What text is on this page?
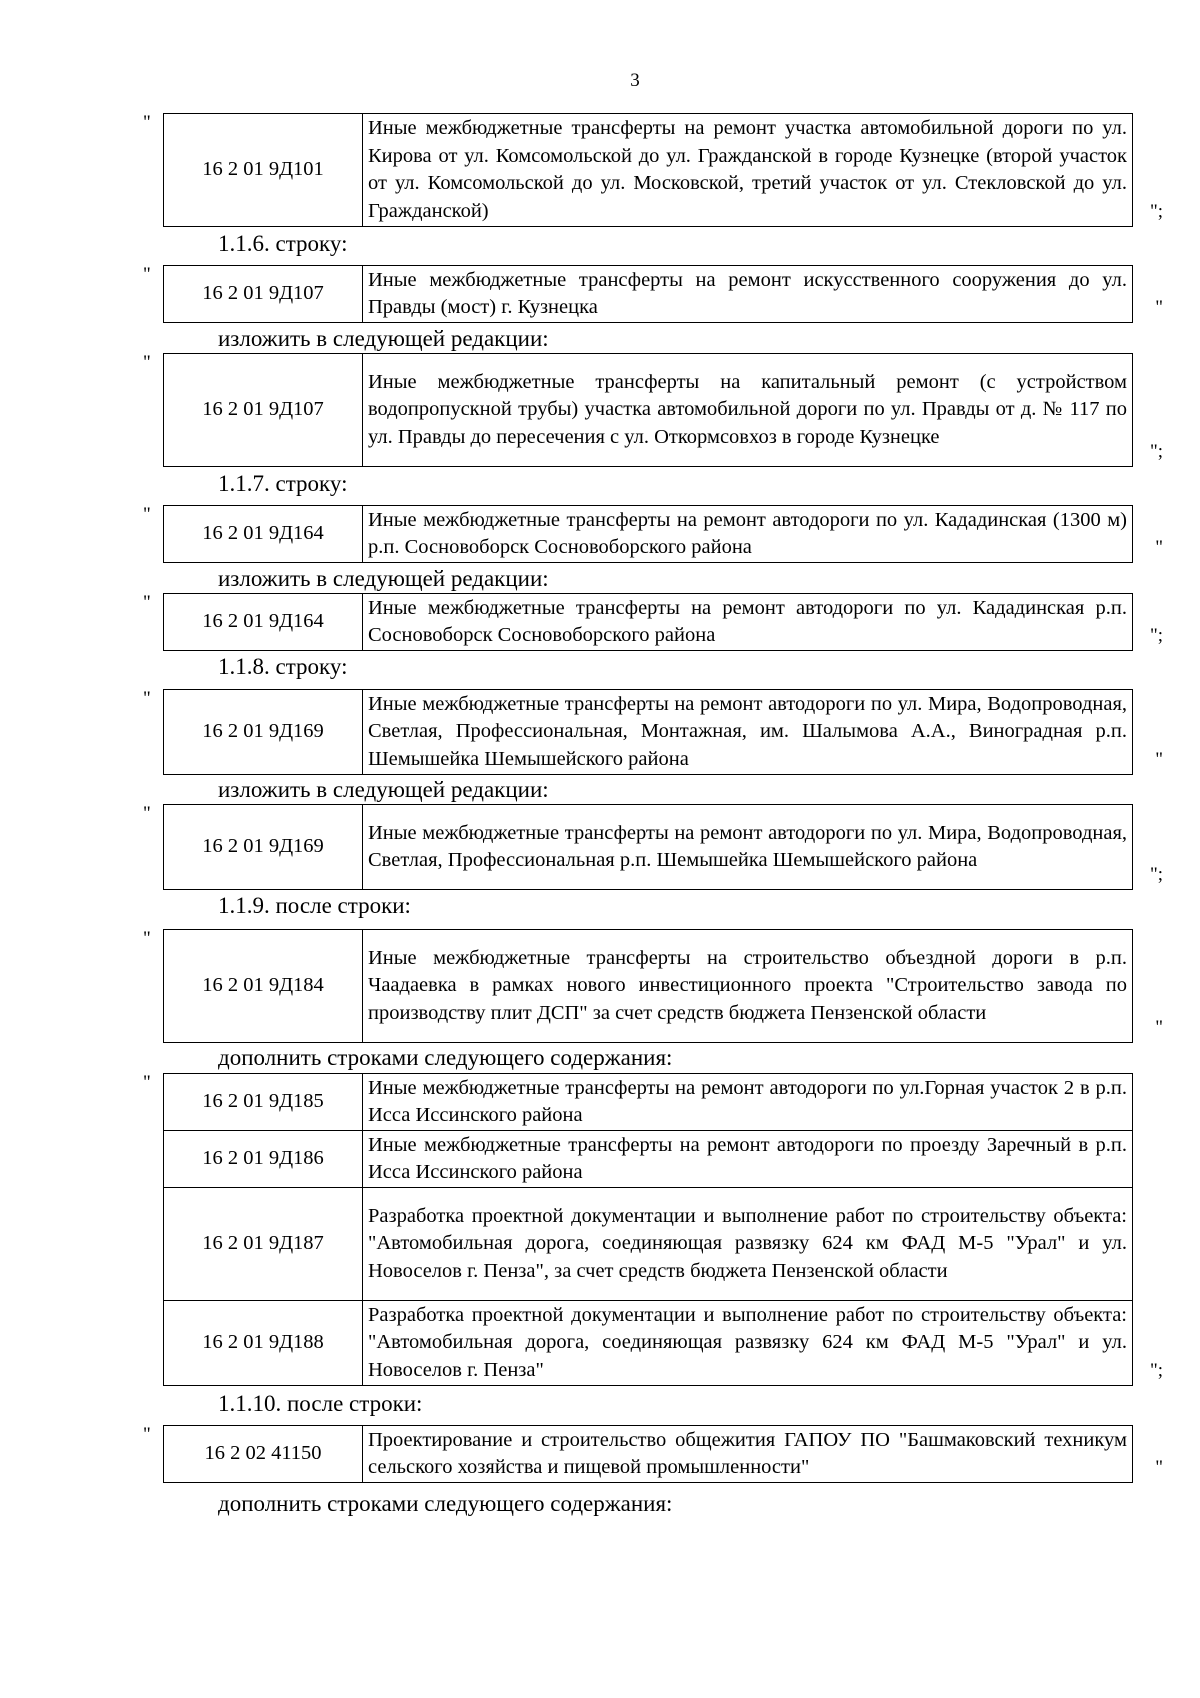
3
"
16 2 01 9Д101	Иные межбюджетные трансферты на ремонт участка автомобильной дороги по ул. Кирова от ул. Комсомольской до ул. Гражданской в городе Кузнецке (второй участок от ул. Комсомольской до ул. Московской, третий участок от ул. Стекловской до ул. Гражданской)	";
1.1.6. строку:
"
16 2 01 9Д107	Иные межбюджетные трансферты на ремонт искусственного сооружения до ул. Правды (мост) г. Кузнецка	"
изложить в следующей редакции:
"
16 2 01 9Д107	Иные межбюджетные трансферты на капитальный ремонт (с устройством водопропускной трубы) участка автомобильной дороги по ул. Правды от д. № 117 по ул. Правды до пересечения с ул. Откормсовхоз в городе Кузнецке
";
1.1.7. строку:
"
16 2 01 9Д164	Иные межбюджетные трансферты на ремонт автодороги по ул. Кададинская (1300 м) р.п. Сосновоборск Сосновоборского района	"
изложить в следующей редакции:
"
16 2 01 9Д164	Иные межбюджетные трансферты на ремонт автодороги по ул. Кададинская р.п. Сосновоборск Сосновоборского района	";
1.1.8. строку:
"
16 2 01 9Д169	Иные межбюджетные трансферты на ремонт автодороги по ул. Мира, Водопроводная, Светлая, Профессиональная, Монтажная, им. Шалымова А.А., Виноградная р.п. Шемышейка Шемышейского района	"
изложить в следующей редакции:
"
16 2 01 9Д169	Иные межбюджетные трансферты на ремонт автодороги по ул. Мира, Водопроводная, Светлая, Профессиональная р.п. Шемышейка Шемышейского района
";
1.1.9. после строки:
"
16 2 01 9Д184	Иные межбюджетные трансферты на строительство объездной дороги в р.п. Чаадаевка в рамках нового инвестиционного проекта "Строительство завода по производству плит ДСП" за счет средств бюджета Пензенской области
"
дополнить строками следующего содержания:
"
16 2 01 9Д185	Иные межбюджетные трансферты на ремонт автодороги по ул.Горная участок 2 в р.п. Исса Иссинского района
16 2 01 9Д186	Иные межбюджетные трансферты на ремонт автодороги по проезду Заречный в р.п. Исса Иссинского района
16 2 01 9Д187	Разработка проектной документации и выполнение работ по строительству объекта: "Автомобильная дорога, соединяющая развязку 624 км ФАД М-5 "Урал" и ул. Новоселов г. Пенза", за счет средств бюджета Пензенской области
16 2 01 9Д188	Разработка проектной документации и выполнение работ по строительству объекта: "Автомобильная дорога, соединяющая развязку 624 км ФАД М-5 "Урал" и ул. Новоселов г. Пенза"	";
1.1.10. после строки:
"
16 2 02 41150	Проектирование и строительство общежития ГАПОУ ПО "Башмаковский техникум сельского хозяйства и пищевой промышленности"	"
дополнить строками следующего содержания:
